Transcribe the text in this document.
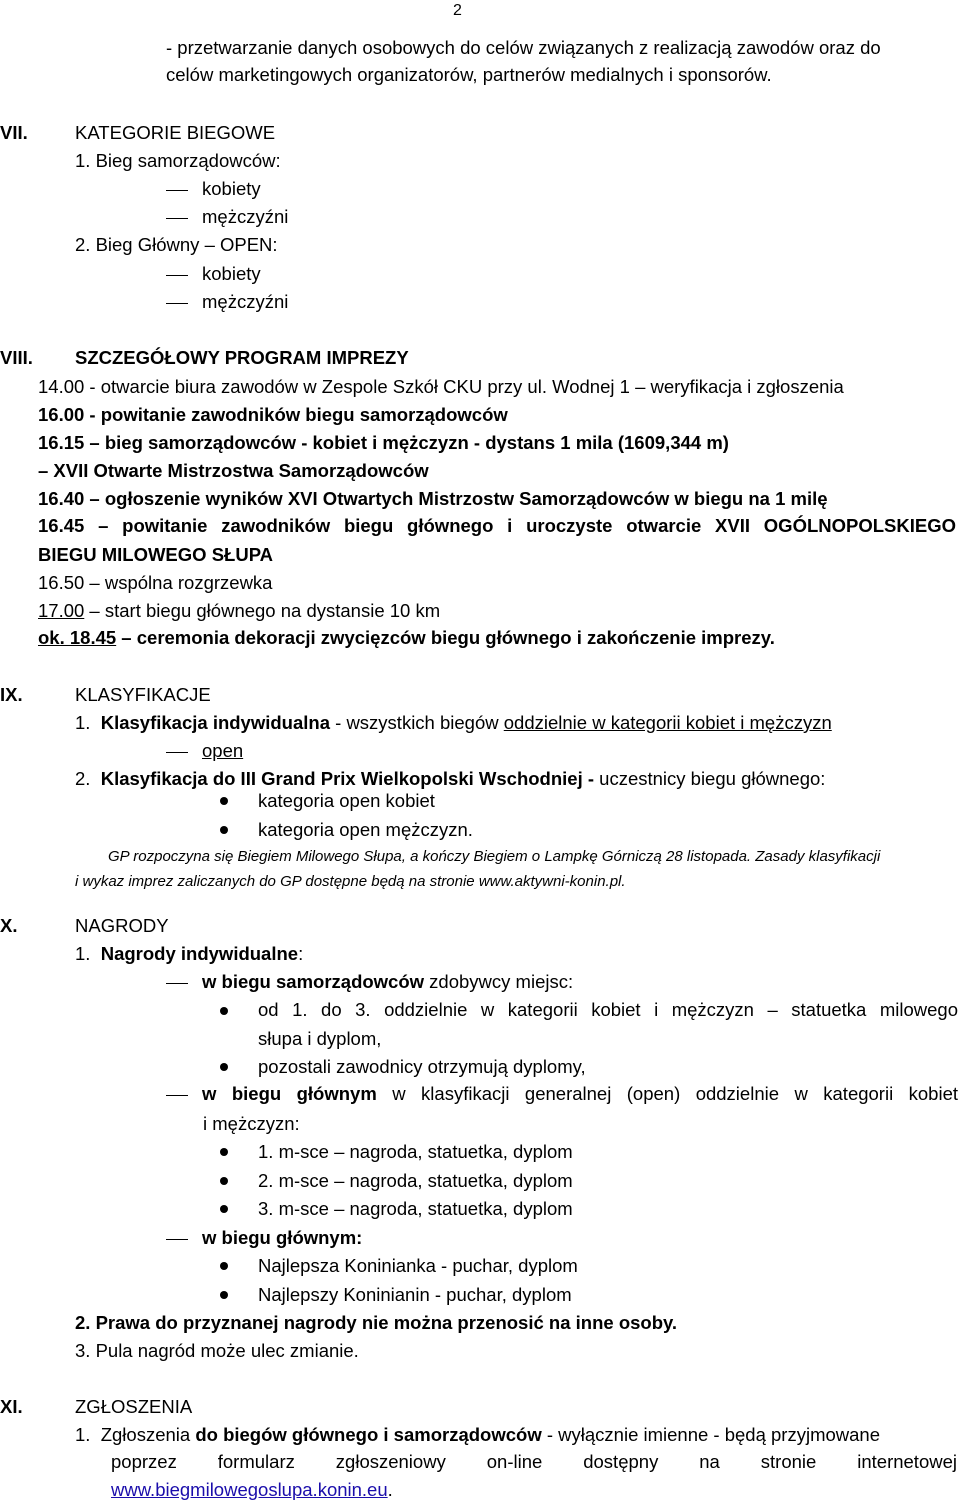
2
- przetwarzanie danych osobowych do celów związanych z realizacją zawodów oraz do
celów marketingowych organizatorów, partnerów medialnych i sponsorów.
VII.	KATEGORIE BIEGOWE
1. Bieg samorządowców:
kobiety
mężczyźni
2. Bieg Główny – OPEN:
kobiety
mężczyźni
VIII. SZCZEGÓŁOWY PROGRAM IMPREZY
14.00 - otwarcie biura zawodów w Zespole Szkół CKU przy ul. Wodnej 1 – weryfikacja i zgłoszenia
16.00 - powitanie zawodników biegu samorządowców
16.15 – bieg samorządowców - kobiet i mężczyzn - dystans 1 mila (1609,344 m)
– XVII Otwarte Mistrzostwa Samorządowców
16.40 – ogłoszenie wyników XVI Otwartych Mistrzostw Samorządowców w biegu na 1 milę
16.45 – powitanie zawodników biegu głównego i uroczyste otwarcie XVII OGÓLNOPOLSKIEGO
BIEGU MILOWEGO SŁUPA
16.50 – wspólna rozgrzewka
17.00 – start biegu głównego na dystansie 10 km
ok. 18.45 – ceremonia dekoracji zwycięzców biegu głównego i zakończenie imprezy.
IX.	KLASYFIKACJE
1. Klasyfikacja indywidualna - wszystkich biegów oddzielnie w kategorii kobiet i mężczyzn
open
2. Klasyfikacja do III Grand Prix Wielkopolski Wschodniej - uczestnicy biegu głównego:
kategoria open kobiet
kategoria open mężczyzn.
GP rozpoczyna się Biegiem Milowego Słupa, a kończy Biegiem o Lampkę Górniczą 28 listopada. Zasady klasyfikacji
i wykaz imprez zaliczanych do GP dostępne będą na stronie www.aktywni-konin.pl.
X.	NAGRODY
1. Nagrody indywidualne:
w biegu samorządowców zdobywcy miejsc:
od 1. do 3. oddzielnie w kategorii kobiet i mężczyzn – statuetka milowego
słupa i dyplom,
pozostali zawodnicy otrzymują dyplomy,
w biegu głównym w klasyfikacji generalnej (open) oddzielnie w kategorii kobiet
i mężczyzn:
1. m-sce – nagroda, statuetka, dyplom
2. m-sce – nagroda, statuetka, dyplom
3. m-sce – nagroda, statuetka, dyplom
w biegu głównym:
Najlepsza Koninianka - puchar, dyplom
Najlepszy Koninianin - puchar, dyplom
2. Prawa do przyznanej nagrody nie można przenosić na inne osoby.
3. Pula nagród może ulec zmianie.
XI.	ZGŁOSZENIA
1. Zgłoszenia do biegów głównego i samorządowców - wyłącznie imienne - będą przyjmowane
poprzez formularz zgłoszeniowy on-line dostępny na stronie internetowej
www.biegmilowegoslupa.konin.eu.
